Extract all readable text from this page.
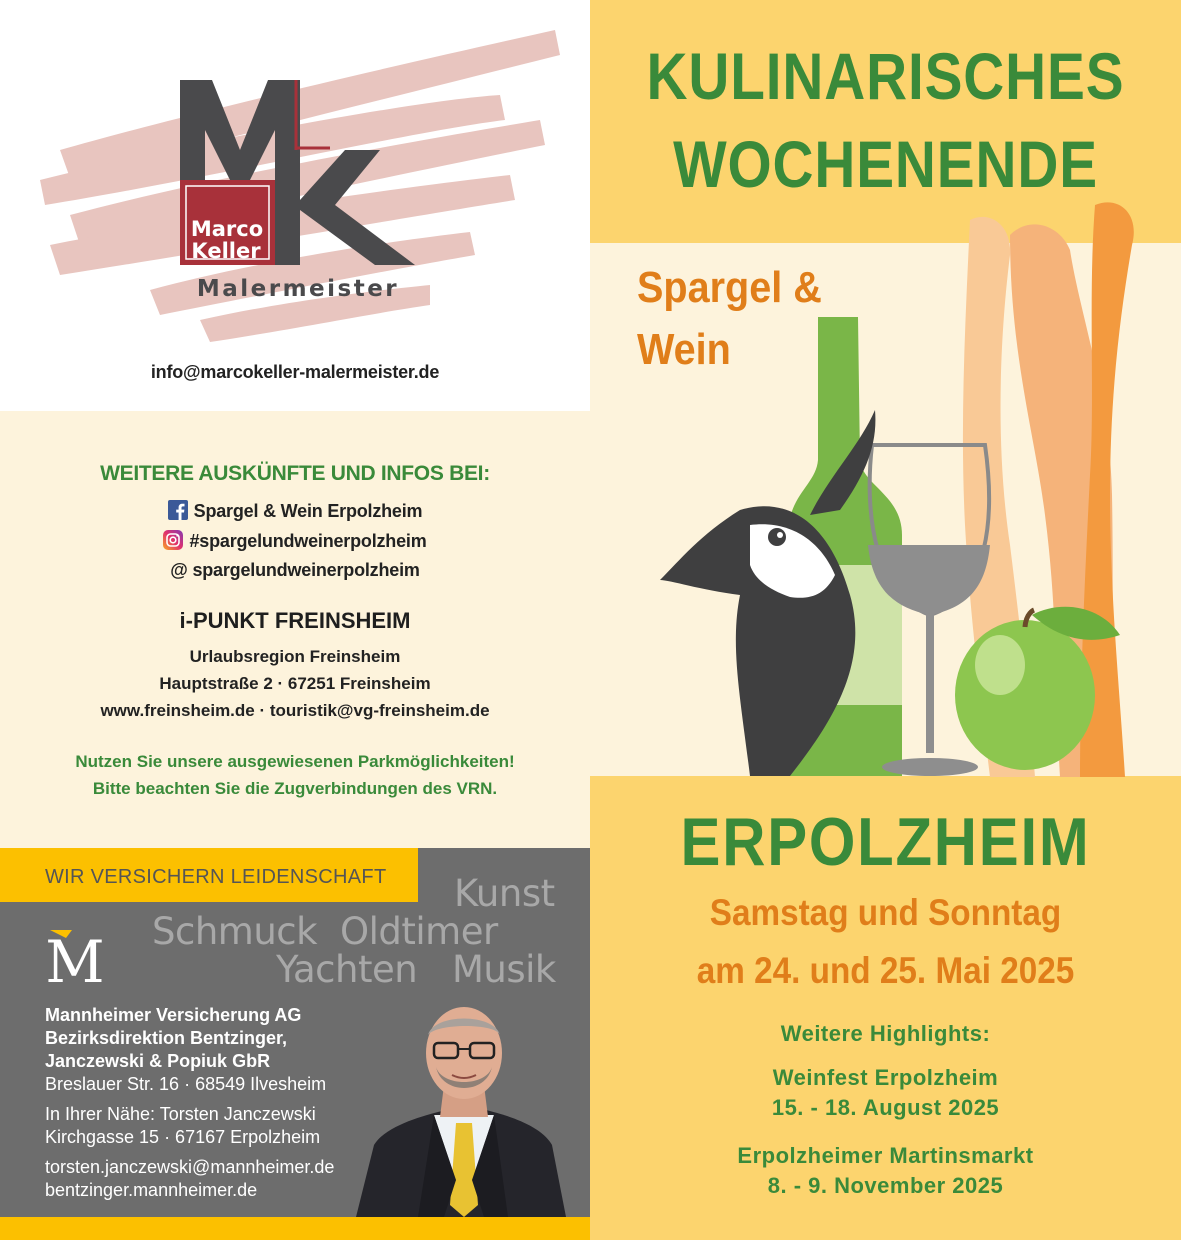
Marco
Keller
Malermeister
info@marcokeller-malermeister.de
WEITERE AUSKÜNFTE UND INFOS BEI:
Spargel & Wein Erpolzheim
#spargelundweinerpolzheim
@ spargelundweinerpolzheim
i-PUNKT FREINSHEIM
Urlaubsregion Freinsheim
Hauptstraße 2 · 67251 Freinsheim
www.freinsheim.de · touristik@vg-freinsheim.de
Nutzen Sie unsere ausgewiesenen Parkmöglichkeiten!
Bitte beachten Sie die Zugverbindungen des VRN.
WIR VERSICHERN LEIDENSCHAFT Kunst
Schmuck Oldtimer
Yachten Musik
M
Mannheimer Versicherung AG
Bezirksdirektion Bentzinger,
Janczewski & Popiuk GbR
Breslauer Str. 16 · 68549 Ilvesheim
In Ihrer Nähe: Torsten Janczewski
Kirchgasse 15 · 67167 Erpolzheim
torsten.janczewski@mannheimer.de
bentzinger.mannheimer.de
KULINARISCHES
WOCHENENDE
Spargel &
Wein
ERPOLZHEIM
Samstag und Sonntag
am 24. und 25. Mai 2025
Weitere Highlights:
Weinfest Erpolzheim
15. - 18. August 2025
Erpolzheimer Martinsmarkt
8. - 9. November 2025
